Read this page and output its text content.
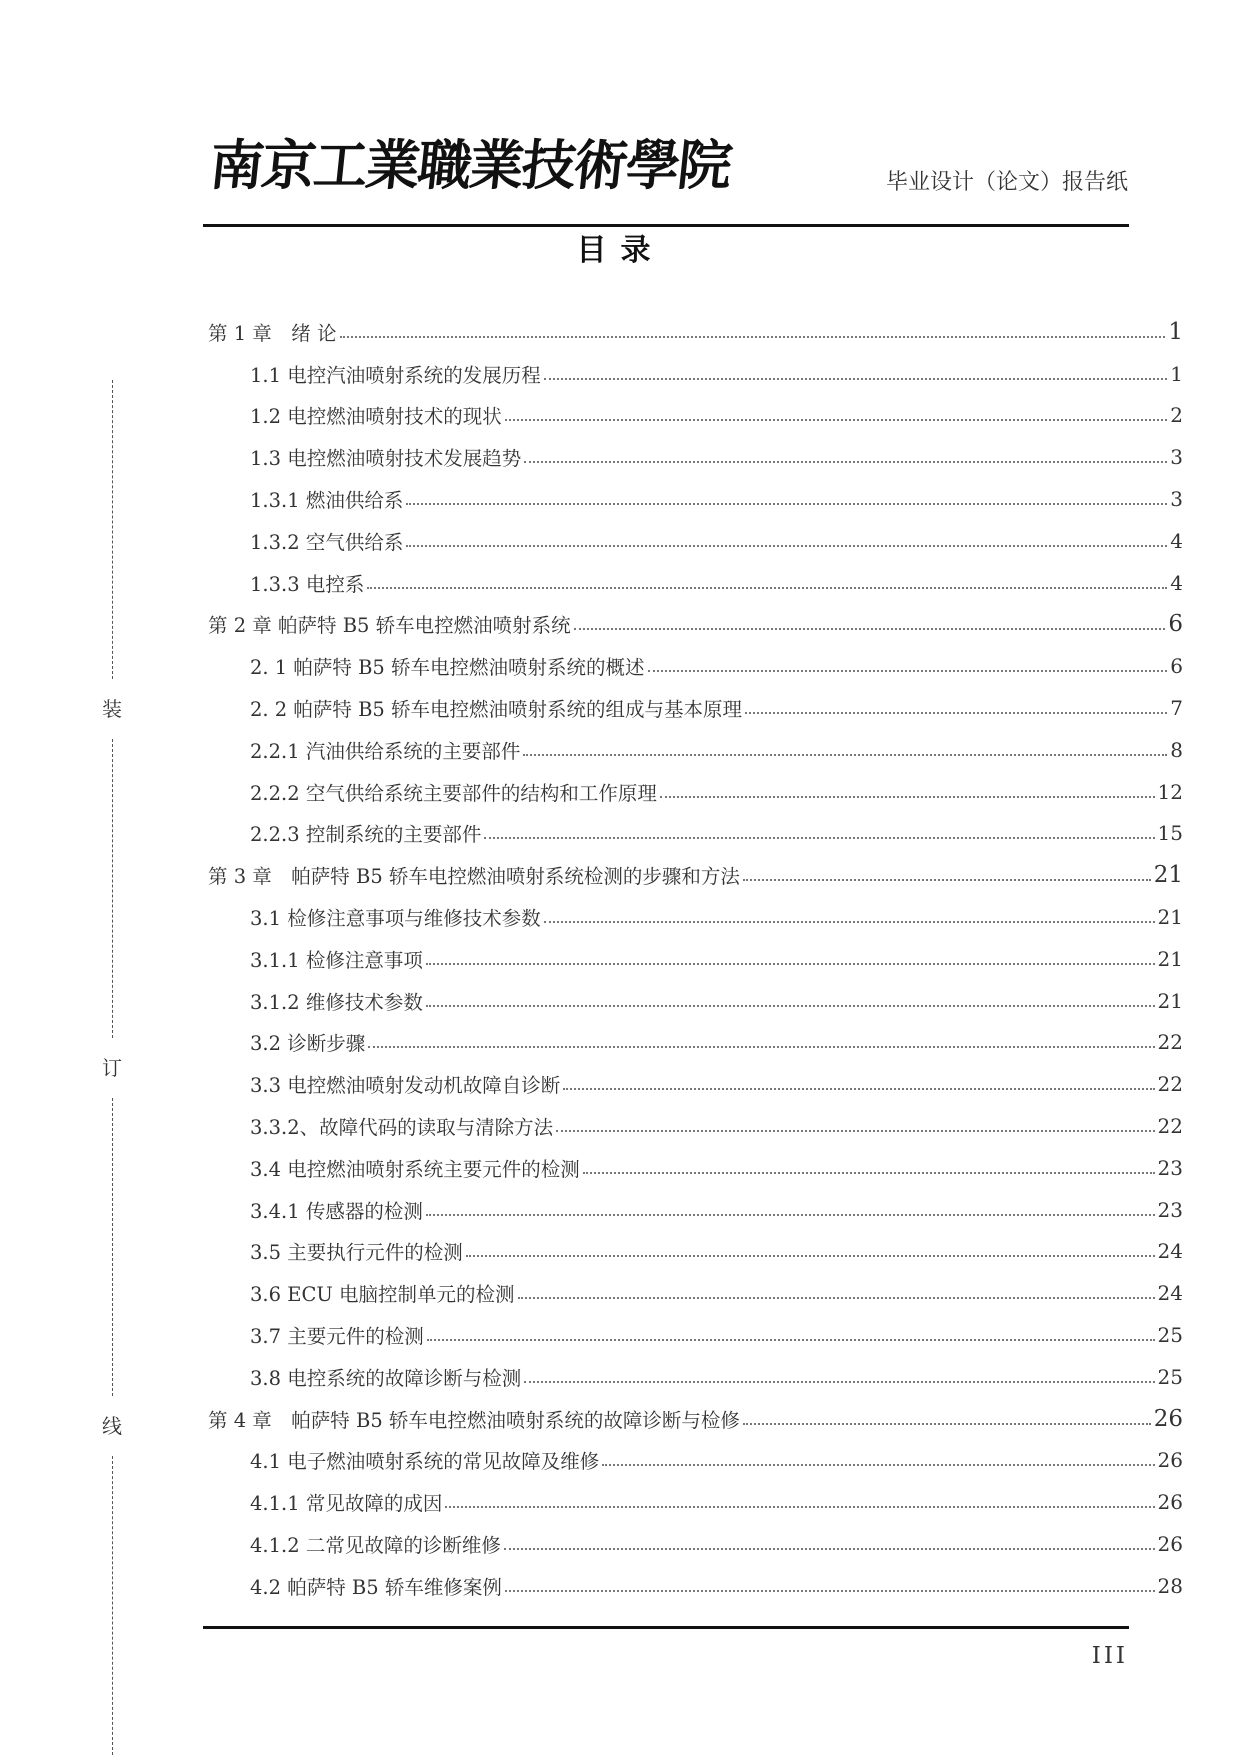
南京工業職業技術學院	毕业设计（论文）报告纸
目录
第 1 章　绪 论	1
1.1 电控汽油喷射系统的发展历程	1
1.2 电控燃油喷射技术的现状	2
1.3 电控燃油喷射技术发展趋势	3
1.3.1 燃油供给系	3
1.3.2 空气供给系	4
1.3.3 电控系	4
第 2 章 帕萨特 B5 轿车电控燃油喷射系统	6
2. 1 帕萨特 B5 轿车电控燃油喷射系统的概述	6
2. 2 帕萨特 B5 轿车电控燃油喷射系统的组成与基本原理	7
2.2.1 汽油供给系统的主要部件	8
2.2.2 空气供给系统主要部件的结构和工作原理	12
2.2.3 控制系统的主要部件	15
第 3 章　帕萨特 B5 轿车电控燃油喷射系统检测的步骤和方法	21
3.1 检修注意事项与维修技术参数	21
3.1.1 检修注意事项	21
3.1.2 维修技术参数	21
3.2 诊断步骤	22
3.3 电控燃油喷射发动机故障自诊断	22
3.3.2、故障代码的读取与清除方法	22
3.4 电控燃油喷射系统主要元件的检测	23
3.4.1 传感器的检测	23
3.5 主要执行元件的检测	24
3.6 ECU 电脑控制单元的检测	24
3.7 主要元件的检测	25
3.8 电控系统的故障诊断与检测	25
第 4 章　帕萨特 B5 轿车电控燃油喷射系统的故障诊断与检修	26
4.1 电子燃油喷射系统的常见故障及维修	26
4.1.1 常见故障的成因	26
4.1.2 二常见故障的诊断维修	26
4.2 帕萨特 B5 轿车维修案例	28
III
装
订
线
